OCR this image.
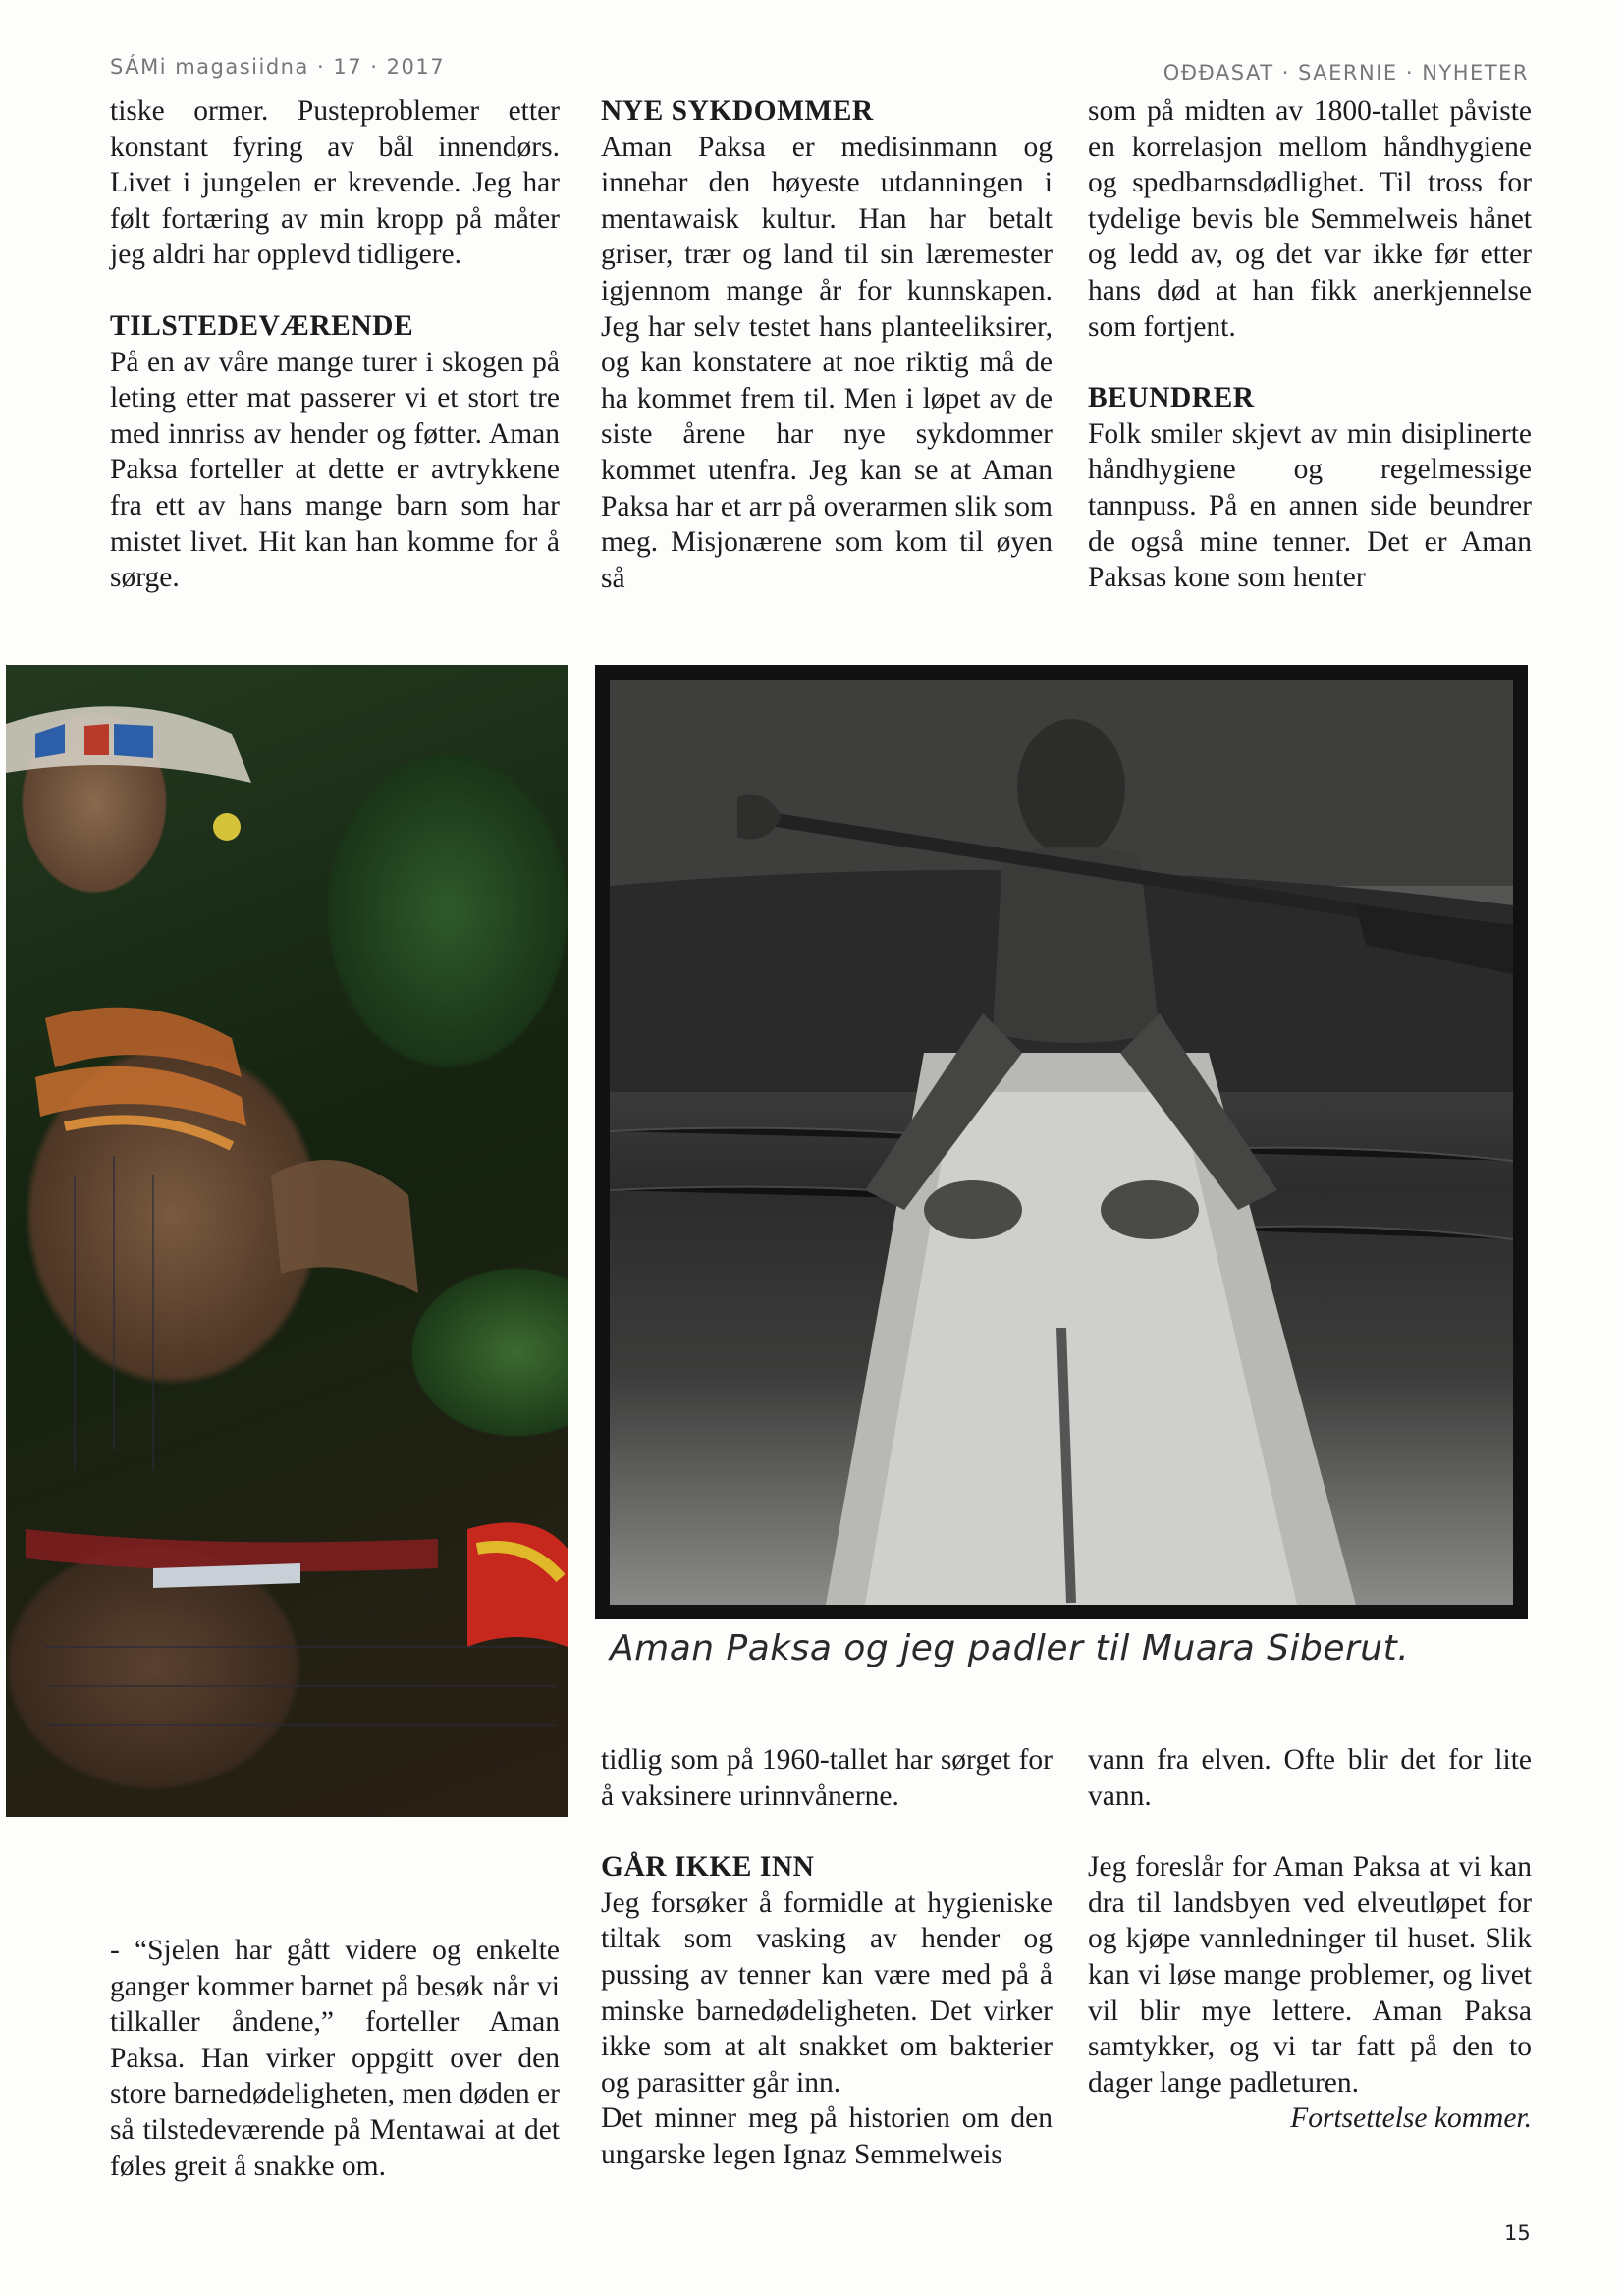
SÁMi magasiidna · 17 · 2017	OĐĐASAT · SAERNIE · NYHETER

tiske ormer. Pusteproblemer etter konstant fyring av bål innendørs. Livet i jungelen er krevende. Jeg har følt fortæring av min kropp på måter jeg aldri har opplevd tidligere.

TILSTEDEVÆRENDE

På en av våre mange turer i skogen på leting etter mat passerer vi et stort tre med innriss av hender og føtter. Aman Paksa forteller at dette er avtrykkene fra ett av hans mange barn som har mistet livet. Hit kan han komme for å sørge.

NYE SYKDOMMER

Aman Paksa er medisinmann og innehar den høyeste utdanningen i mentawaisk kultur. Han har betalt griser, trær og land til sin læremester igjennom mange år for kunnskapen. Jeg har selv testet hans planteeliksirer, og kan konstatere at noe riktig må de ha kommet frem til. Men i løpet av de siste årene har nye sykdommer kommet utenfra. Jeg kan se at Aman Paksa har et arr på overarmen slik som meg. Misjonærene som kom til øyen så

som på midten av 1800-tallet påviste en korrelasjon mellom håndhygiene og spedbarnsdødlighet. Til tross for tydelige bevis ble Semmelweis hånet og ledd av, og det var ikke før etter hans død at han fikk anerkjennelse som fortjent.

BEUNDRER

Folk smiler skjevt av min disiplinerte håndhygiene og regelmessige tannpuss. På en annen side beundrer de også mine tenner. Det er Aman Paksas kone som henter

Aman Paksa og jeg padler til Muara Siberut.

- “Sjelen har gått videre og enkelte ganger kommer barnet på besøk når vi tilkaller åndene,” forteller Aman Paksa. Han virker oppgitt over den store barnedødeligheten, men døden er så tilstedeværende på Mentawai at det føles greit å snakke om.

tidlig som på 1960-tallet har sørget for å vaksinere urinnvånerne.

GÅR IKKE INN

Jeg forsøker å formidle at hygieniske tiltak som vasking av hender og pussing av tenner kan være med på å minske barnedødeligheten. Det virker ikke som at alt snakket om bakterier og parasitter går inn.

Det minner meg på historien om den ungarske legen Ignaz Semmelweis

vann fra elven. Ofte blir det for lite vann.

Jeg foreslår for Aman Paksa at vi kan dra til landsbyen ved elveutløpet for og kjøpe vannledninger til huset. Slik kan vi løse mange problemer, og livet vil blir mye lettere. Aman Paksa samtykker, og vi tar fatt på den to dager lange padleturen.

Fortsettelse kommer.

15
